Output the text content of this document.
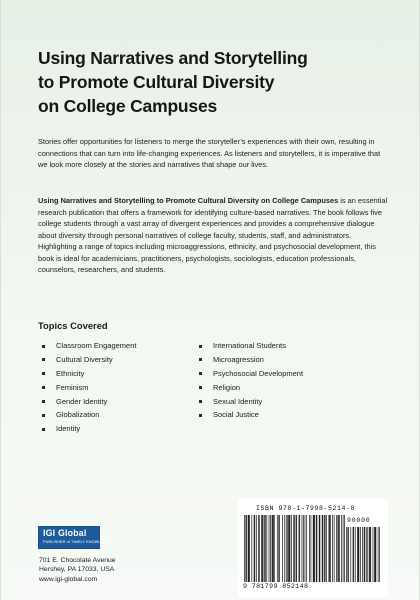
Using Narratives and Storytelling
to Promote Cultural Diversity
on College Campuses

Stories offer opportunities for listeners to merge the storyteller’s experiences with their own, resulting in connections that can turn into life-changing experiences. As listeners and storytellers, it is imperative that we look more closely at the stories and narratives that shape our lives.

Using Narratives and Storytelling to Promote Cultural Diversity on College Campuses is an essential research publication that offers a framework for identifying culture-based narratives. The book follows five college students through a vast array of divergent experiences and provides a comprehensive dialogue about diversity through personal narratives of college faculty, students, staff, and administrators. Highlighting a range of topics including microaggressions, ethnicity, and psychosocial development, this book is ideal for academicians, practitioners, psychologists, sociologists, education professionals, counselors, researchers, and students.

Topics Covered
Classroom Engagement
Cultural Diversity
Ethnicity
Feminism
Gender Identity
Globalization
Identity
International Students
Microagression
Psychosocial Development
Religion
Sexual Identity
Social Justice
IGI Global
PUBLISHER of TIMELY KNOWLEDGE
701 E. Chocolate Avenue
Hershey, PA 17033, USA
www.igi-global.com
ISBN 978-1-7998-5214-8
90000
9 781799 852148
